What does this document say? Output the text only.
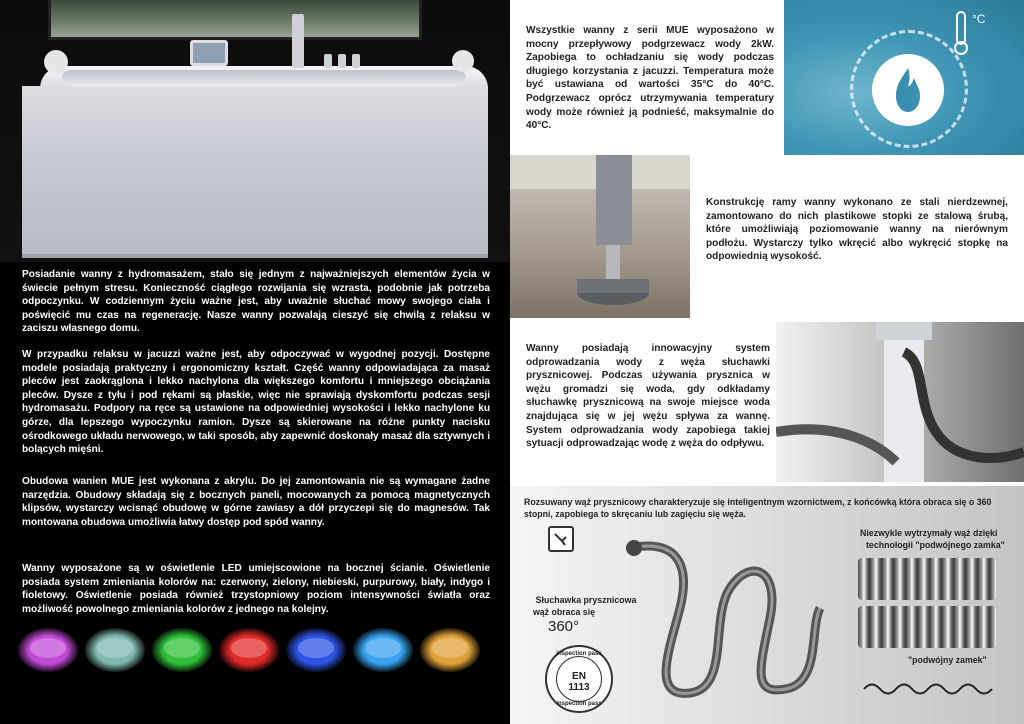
Posiadanie wanny z hydromasażem, stało się jednym z najważniejszych elementów życia w świecie pełnym stresu. Konieczność ciągłego rozwijania się wzrasta, podobnie jak potrzeba odpoczynku. W codziennym życiu ważne jest, aby uważnie słuchać mowy swojego ciała i poświęcić mu czas na regenerację. Nasze wanny pozwalają cieszyć się chwilą z relaksu w zaciszu własnego domu.

W przypadku relaksu w jacuzzi ważne jest, aby odpoczywać w wygodnej pozycji. Dostępne modele posiadają praktyczny i ergonomiczny kształt. Część wanny odpowiadająca za masaż pleców jest zaokrąglona i lekko nachylona dla większego komfortu i mniejszego obciążania pleców. Dysze z tyłu i pod rękami są płaskie, więc nie sprawiają dyskomfortu podczas sesji hydromasażu. Podpory na ręce są ustawione na odpowiedniej wysokości i lekko nachylone ku górze, dla lepszego wypoczynku ramion. Dysze są skierowane na różne punkty nacisku ośrodkowego układu nerwowego, w taki sposób, aby zapewnić doskonały masaż dla sztywnych i bolących mięśni.

Obudowa wanien MUE jest wykonana z akrylu. Do jej zamontowania nie są wymagane żadne narzędzia. Obudowy składają się z bocznych paneli, mocowanych za pomocą magnetycznych klipsów, wystarczy wcisnąć obudowę w górne zawiasy a dół przyczepi się do magnesów. Tak montowana obudowa umożliwia łatwy dostęp pod spód wanny.

Wanny wyposażone są w oświetlenie LED umiejscowione na bocznej ścianie. Oświetlenie posiada system zmieniania kolorów na: czerwony, zielony, niebieski, purpurowy, biały, indygo i fioletowy. Oświetlenie posiada również trzystopniowy poziom intensywności światła oraz możliwość powolnego zmieniania kolorów z jednego na kolejny.

Wszystkie wanny z serii MUE wyposażono w mocny przepływowy podgrzewacz wody 2kW. Zapobiega to ochładzaniu się wody podczas długiego korzystania z jacuzzi. Temperatura może być ustawiana od wartości 35°C do 40°C. Podgrzewacz oprócz utrzymywania temperatury wody może również ją podnieść, maksymalnie do 40°C.

°C

Konstrukcję ramy wanny wykonano ze stali nierdzewnej, zamontowano do nich plastikowe stopki ze stalową śrubą, które umożliwiają poziomowanie wanny na nierównym podłożu. Wystarczy tylko wkręcić albo wykręcić stopkę na odpowiednią wysokość.

Wanny posiadają innowacyjny system odprowadzania wody z węża słuchawki prysznicowej. Podczas używania prysznica w wężu gromadzi się woda, gdy odkładamy słuchawkę prysznicową na swoje miejsce woda znajdująca się w jej wężu spływa za wannę. System odprowadzania wody zapobiega takiej sytuacji odprowadzając wodę z węża do odpływu.

Rozsuwany wąż prysznicowy charakteryzuje się inteligentnym wzornictwem, z końcówką która obraca się o 360 stopni, zapobiega to skręcaniu lub zagięciu się węża.

Słuchawka prysznicowa

wąż obraca się

360°

Niezwykle wytrzymały wąż dzięki

technologii "podwójnego zamka"

"podwójny zamek"

inspection pass
EN 1113
inspection pass
